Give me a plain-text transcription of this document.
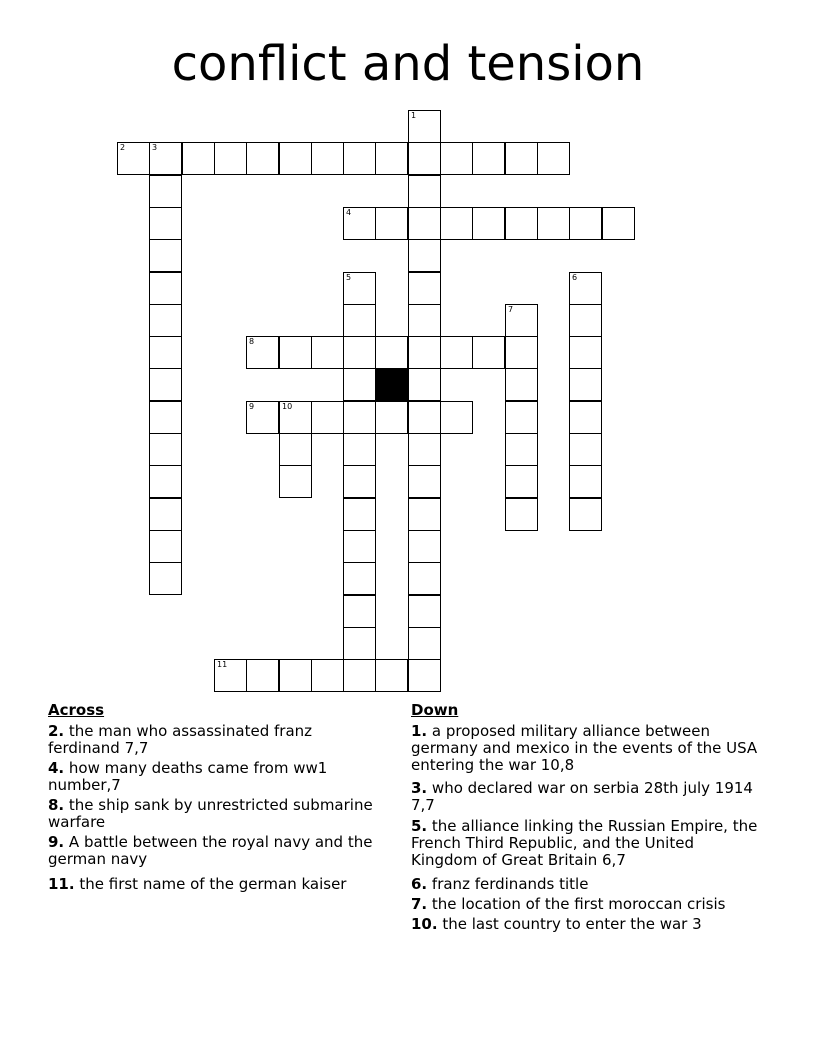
conflict and tension
2	3
4
8
9	10
11
1
5	6
7
Across
2. the man who assassinated franz ferdinand 7,7
4. how many deaths came from ww1 number,7
8. the ship sank by unrestricted submarine warfare
9. A battle between the royal navy and the german navy
11. the first name of the german kaiser
Down
1. a proposed military alliance between germany and mexico in the events of the USA entering the war 10,8
3. who declared war on serbia 28th july 1914 7,7
5. the alliance linking the Russian Empire, the French Third Republic, and the United Kingdom of Great Britain 6,7
6. franz ferdinands title
7. the location of the first moroccan crisis
10. the last country to enter the war 3
